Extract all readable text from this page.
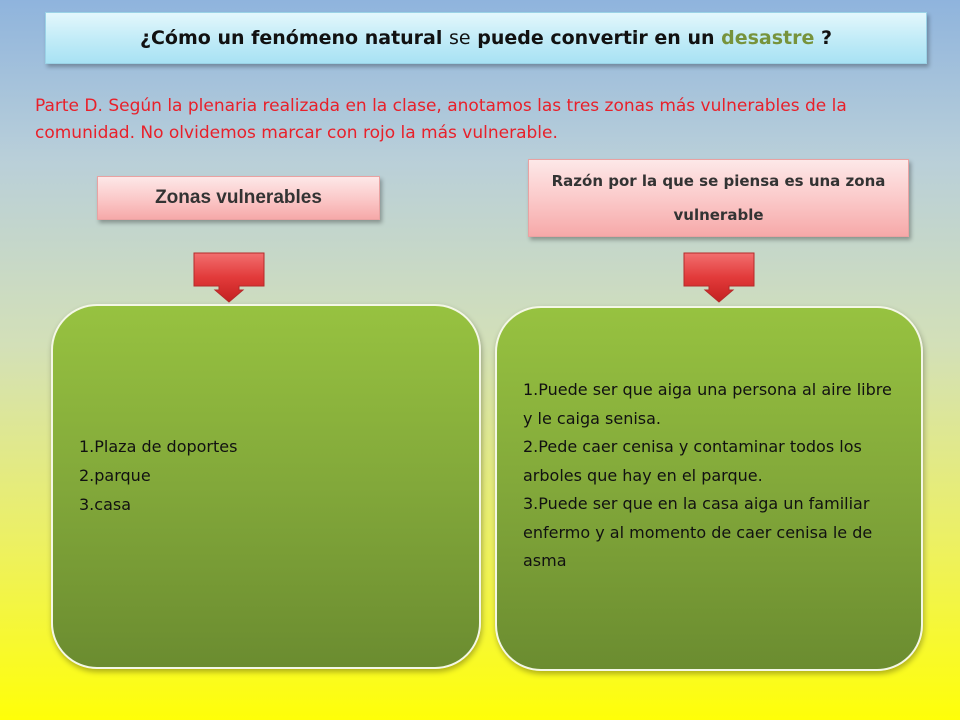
¿Cómo un fenómeno natural
se
puede convertir en un
desastre
?
Parte D. Según la plenaria realizada en la clase, anotamos las tres zonas más vulnerables de la comunidad. No olvidemos marcar con rojo la más vulnerable.
Zonas vulnerables
Razón por la que se piensa es una zona vulnerable
1.Plaza de doportes
2.parque
3.casa
1.Puede ser que aiga una persona al aire libre y le caiga senisa.
2.Pede caer cenisa y contaminar todos los arboles que hay en el parque.
3.Puede ser que en la casa aiga un familiar enfermo y al momento de caer cenisa le de asma
